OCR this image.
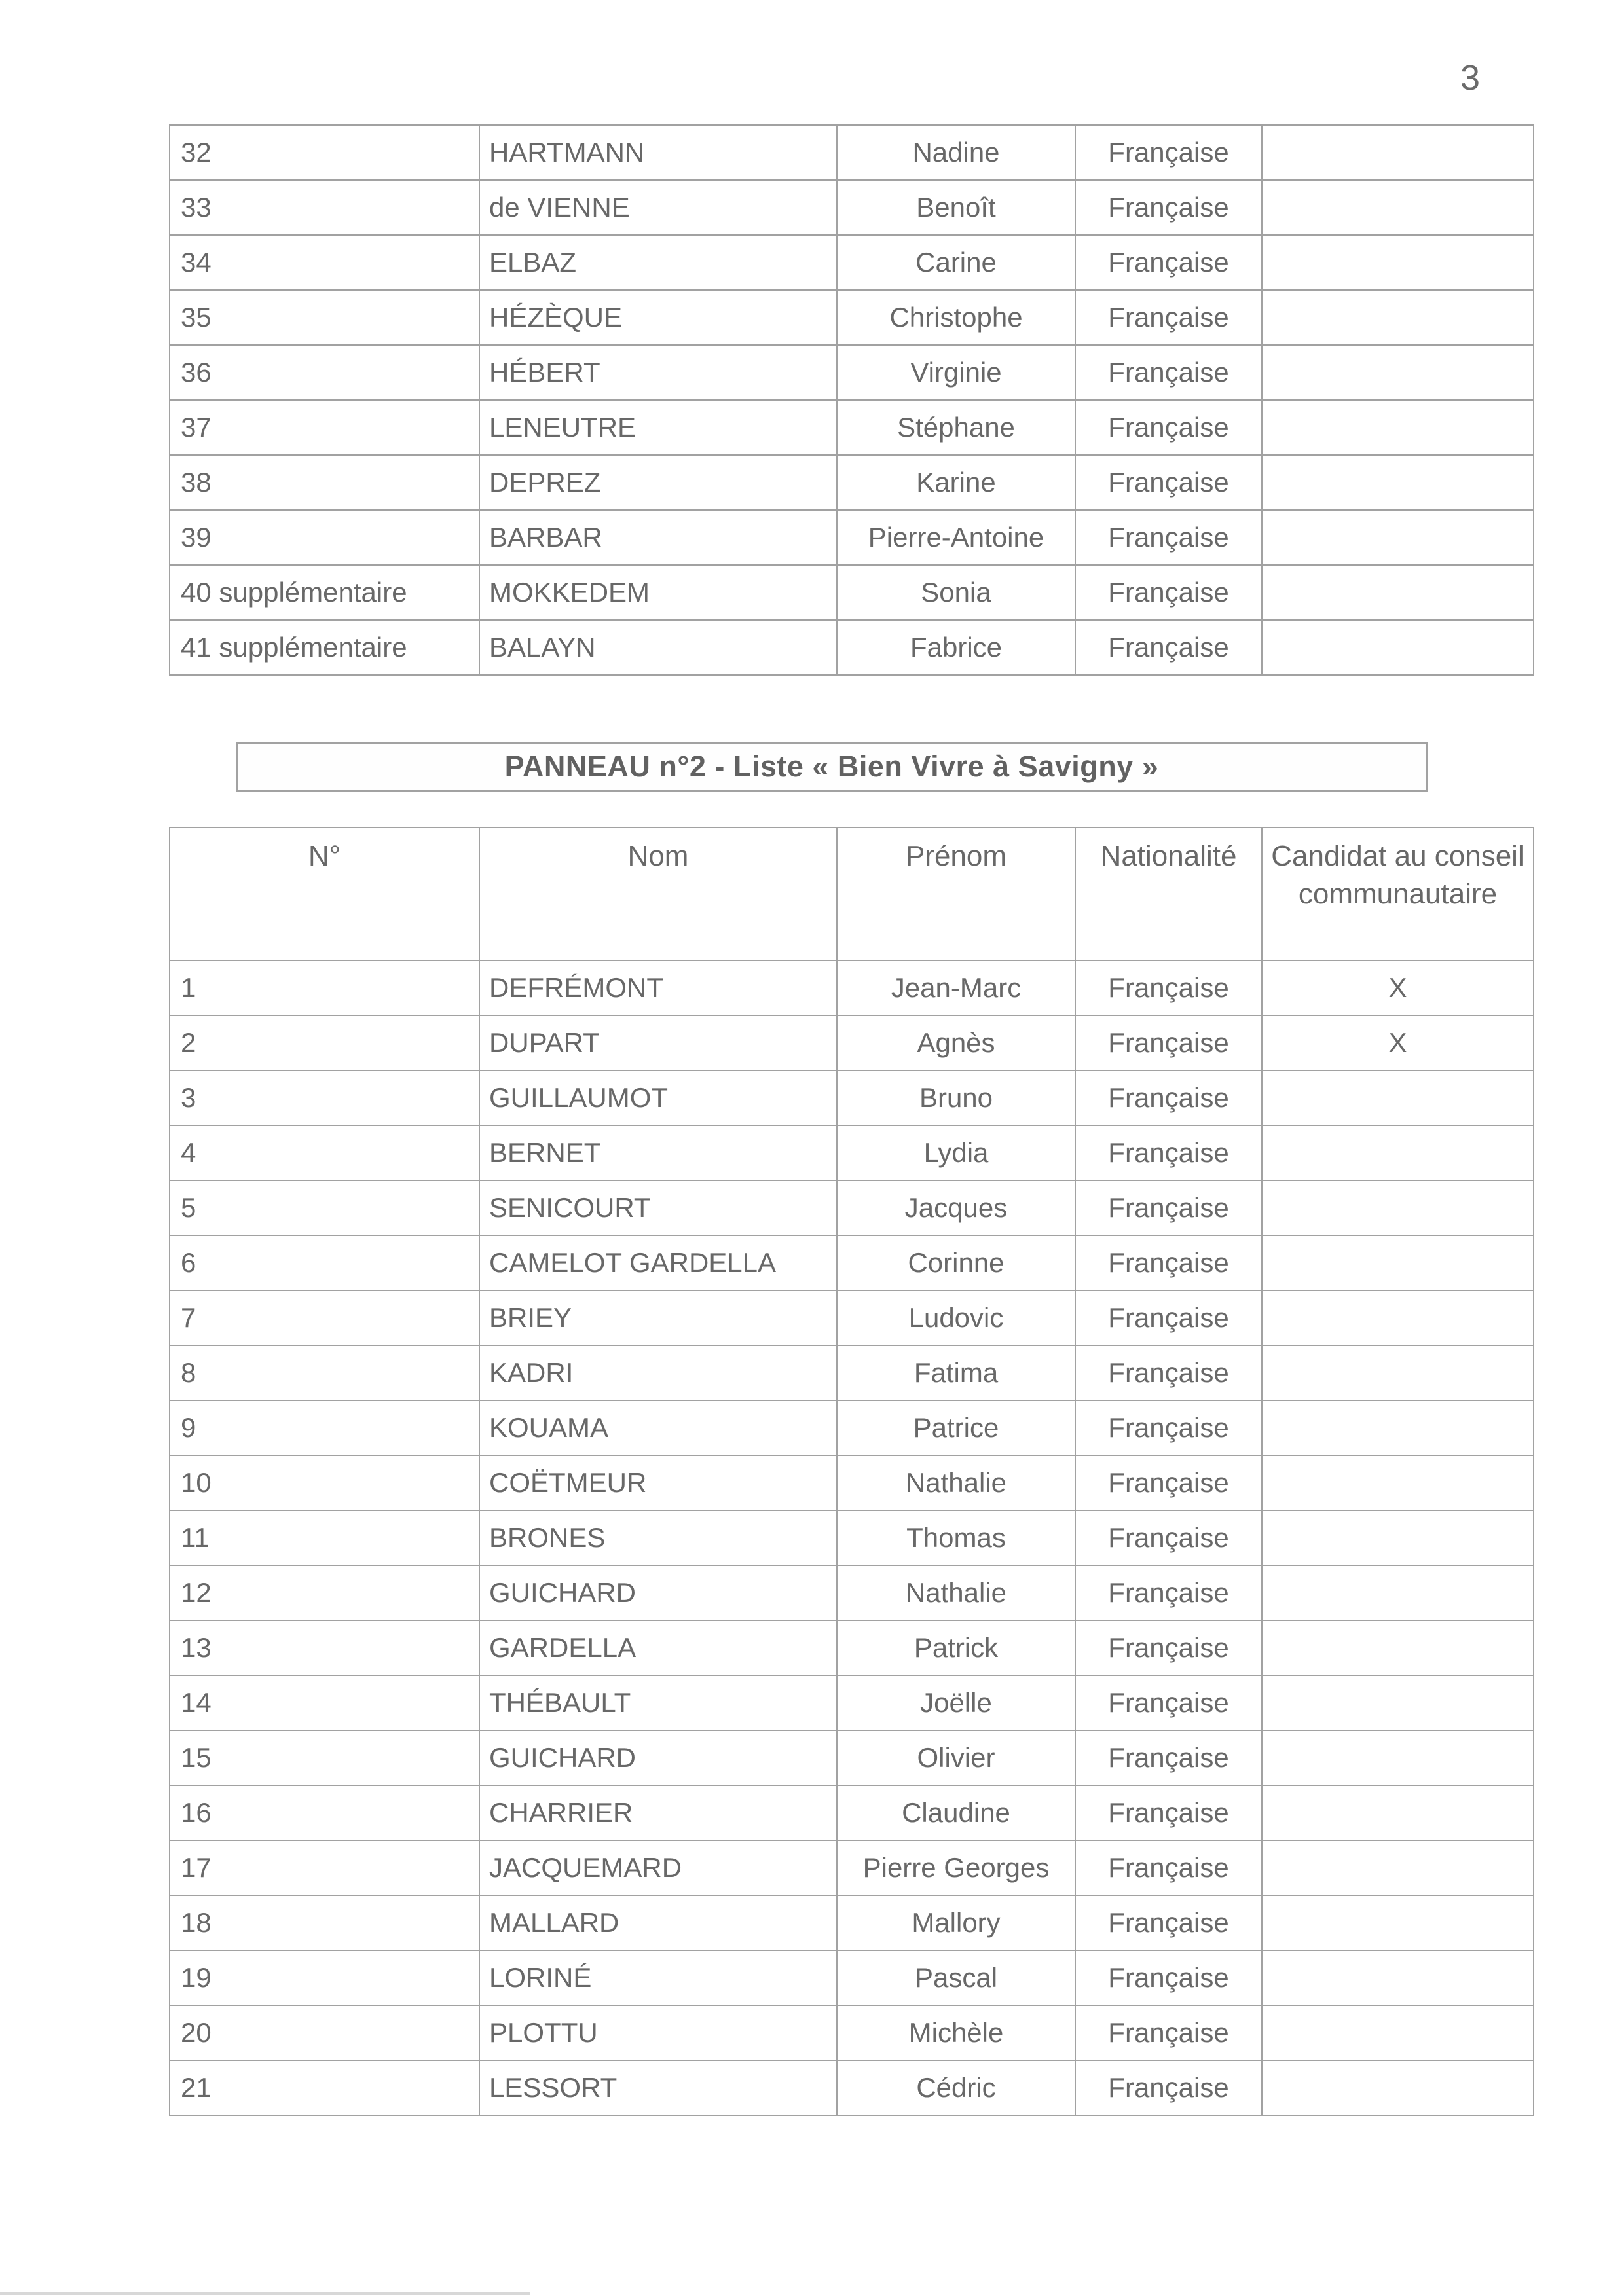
3
32	HARTMANN	Nadine	Française	
33	de VIENNE	Benoît	Française	
34	ELBAZ	Carine	Française	
35	HÉZÈQUE	Christophe	Française	
36	HÉBERT	Virginie	Française	
37	LENEUTRE	Stéphane	Française	
38	DEPREZ	Karine	Française	
39	BARBAR	Pierre-Antoine	Française	
40 supplémentaire	MOKKEDEM	Sonia	Française	
41 supplémentaire	BALAYN	Fabrice	Française	
PANNEAU n°2 - Liste « Bien Vivre à Savigny »
N°	Nom	Prénom	Nationalité	Candidat au conseil communautaire
1	DEFRÉMONT	Jean-Marc	Française	X
2	DUPART	Agnès	Française	X
3	GUILLAUMOT	Bruno	Française	
4	BERNET	Lydia	Française	
5	SENICOURT	Jacques	Française	
6	CAMELOT GARDELLA	Corinne	Française	
7	BRIEY	Ludovic	Française	
8	KADRI	Fatima	Française	
9	KOUAMA	Patrice	Française	
10	COËTMEUR	Nathalie	Française	
11	BRONES	Thomas	Française	
12	GUICHARD	Nathalie	Française	
13	GARDELLA	Patrick	Française	
14	THÉBAULT	Joëlle	Française	
15	GUICHARD	Olivier	Française	
16	CHARRIER	Claudine	Française	
17	JACQUEMARD	Pierre Georges	Française	
18	MALLARD	Mallory	Française	
19	LORINÉ	Pascal	Française	
20	PLOTTU	Michèle	Française	
21	LESSORT	Cédric	Française	
